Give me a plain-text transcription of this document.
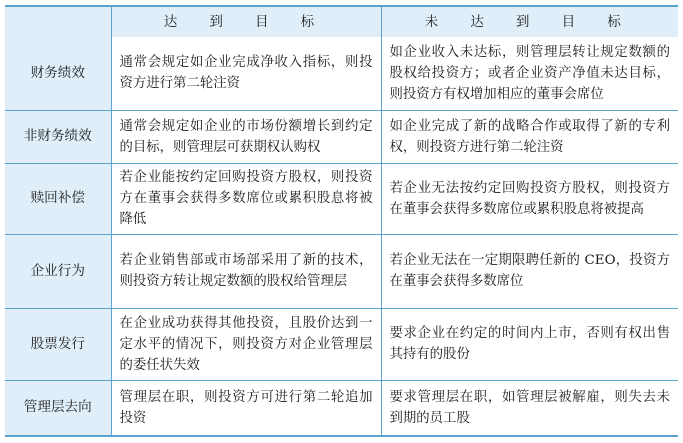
	达 到 目 标	未 达 到 目 标
财务绩效	通常会规定如企业完成净收入指标，则投资方进行第二轮注资	如企业收入未达标，则管理层转让规定数额的股权给投资方；或者企业资产净值未达目标，则投资方有权增加相应的董事会席位
非财务绩效	通常会规定如企业的市场份额增长到约定的目标，则管理层可获期权认购权	如企业完成了新的战略合作或取得了新的专利权，则投资方进行第二轮注资
赎回补偿	若企业能按约定回购投资方股权，则投资方在董事会获得多数席位或累积股息将被降低	若企业无法按约定回购投资方股权，则投资方在董事会获得多数席位或累积股息将被提高
企业行为	若企业销售部或市场部采用了新的技术，则投资方转让规定数额的股权给管理层	若企业无法在一定期限聘任新的 CEO，投资方在董事会获得多数席位
股票发行	在企业成功获得其他投资，且股价达到一定水平的情况下，则投资方对企业管理层的委任状失效	要求企业在约定的时间内上市，否则有权出售其持有的股份
管理层去向	管理层在职，则投资方可进行第二轮追加投资	要求管理层在职，如管理层被解雇，则失去未到期的员工股
